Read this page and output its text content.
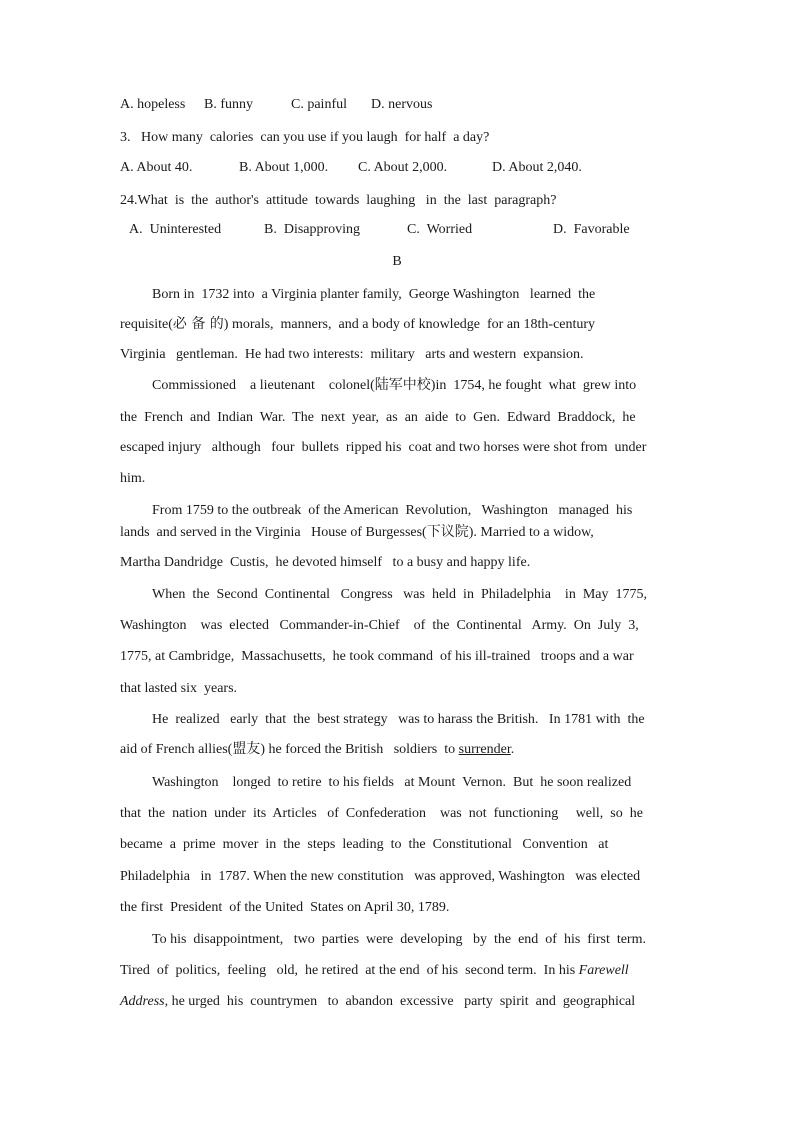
A. hopeless B. funny	C. painful D. nervous
3.   How many  calories  can you use if you laugh  for half  a day?
A. About 40.	B. About 1,000. C. About 2,000.	D. About 2,040.
24.What  is  the  author's  attitude  towards  laughing   in  the  last  paragraph?
A.  Uninterested	B.  Disapproving	C.  Worried	D.  Favorable
B
Born in  1732 into  a Virginia planter family,  George Washington   learned  the
requisite(必 备 的) morals,  manners,  and a body of knowledge  for an 18th-century
Virginia   gentleman.  He had two interests:  military   arts and western  expansion.
Commissioned    a lieutenant    colonel(陆军中校)in  1754, he fought  what  grew into
the  French  and  Indian  War.  The  next  year,  as  an  aide  to  Gen.  Edward  Braddock,  he
escaped injury   although   four  bullets  ripped his  coat and two horses were shot from  under
him.
From 1759 to the outbreak  of the American  Revolution,   Washington   managed  his
lands  and served in the Virginia   House of Burgesses(下议院). Married to a widow,
Martha Dandridge  Custis,  he devoted himself   to a busy and happy life.
When  the  Second  Continental   Congress   was  held  in  Philadelphia    in  May  1775,
Washington    was  elected   Commander-in-Chief    of  the  Continental   Army.  On  July  3,
1775, at Cambridge,  Massachusetts,  he took command  of his ill-trained   troops and a war
that lasted six  years.
He  realized   early  that  the  best strategy   was to harass the British.   In 1781 with  the
aid of French allies(盟友) he forced the British   soldiers  to surrender.
Washington    longed  to retire  to his fields   at Mount  Vernon.  But  he soon realized
that  the  nation  under  its  Articles   of  Confederation    was  not  functioning     well,  so  he
became  a  prime  mover  in  the  steps  leading  to  the  Constitutional   Convention   at
Philadelphia   in  1787. When the new constitution   was approved, Washington   was elected
the first  President  of the United  States on April 30, 1789.
To his  disappointment,   two  parties  were  developing   by  the  end  of  his  first  term.
Tired  of  politics,  feeling   old,  he retired  at the end  of his  second term.  In his Farewell
Address, he urged  his  countrymen   to  abandon  excessive   party  spirit  and  geographical
